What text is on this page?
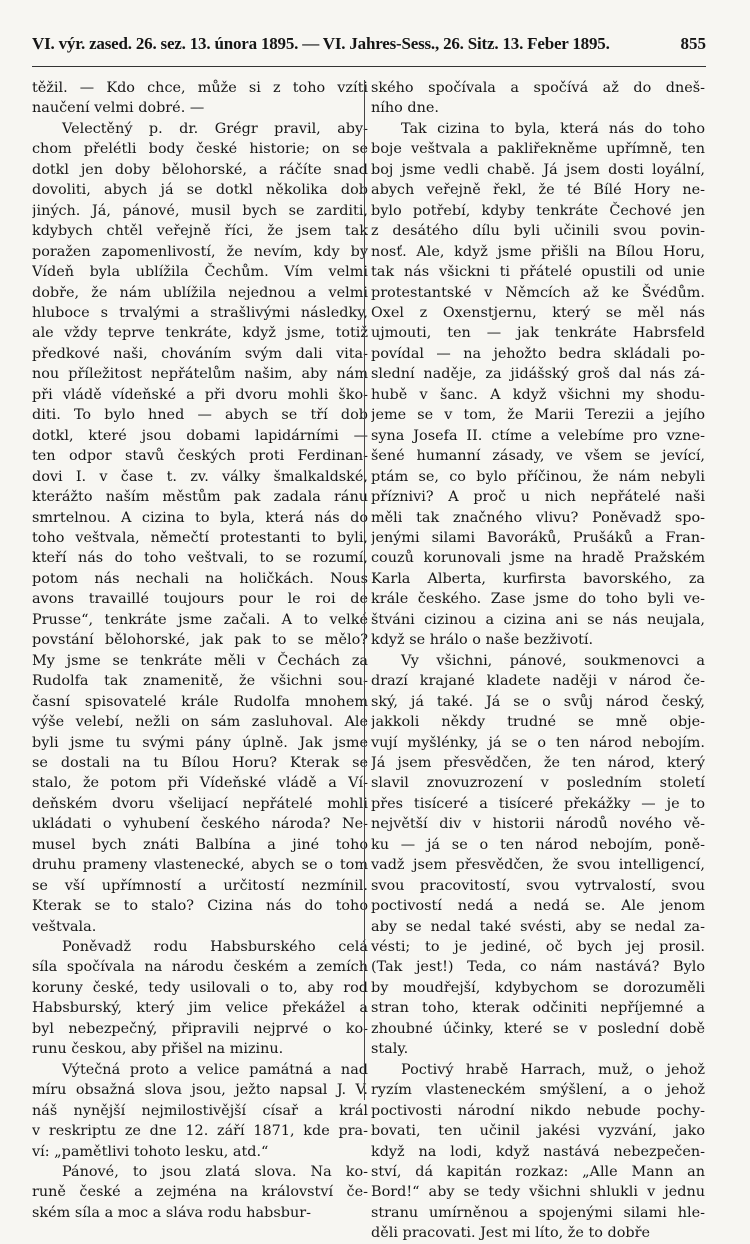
VI. výr. zased. 26. sez. 13. února 1895. — VI. Jahres-Sess., 26. Sitz. 13. Feber 1895.	855

těžil. — Kdo chce, může si z toho vzíti
naučení velmi dobré. —

Velectěný p. dr. Grégr pravil, aby-
chom přelétli body české historie; on se
dotkl jen doby bělohorské, a ráčíte snad
dovoliti, abych já se dotkl několika dob
jiných. Já, pánové, musil bych se zarditi,
kdybych chtěl veřejně říci, že jsem tak
poražen zapomenlivostí, že nevím, kdy by
Vídeň byla ublížila Čechům. Vím velmi
dobře, že nám ublížila nejednou a velmi
hluboce s trvalými a strašlivými následky,
ale vždy teprve tenkráte, když jsme, totiž
předkové naši, chováním svým dali vita-
nou příležitost nepřátelům našim, aby nám
při vládě vídeňské a při dvoru mohli ško-
diti. To bylo hned — abych se tří dob
dotkl, které jsou dobami lapidárními —
ten odpor stavů českých proti Ferdinan-
dovi I. v čase t. zv. války šmalkaldské,
kterážto naším městům pak zadala ránu
smrtelnou. A cizina to byla, která nás do
toho veštvala, němečtí protestanti to byli,
kteří nás do toho veštvali, to se rozumí,
potom nás nechali na holičkách. Nous
avons travaillé toujours pour le roi de
Prusse“, tenkráte jsme začali. A to velké
povstání bělohorské, jak pak to se mělo?
My jsme se tenkráte měli v Čechách za
Rudolfa tak znamenitě, že všichni sou-
časní spisovatelé krále Rudolfa mnohem
výše velebí, nežli on sám zasluhoval. Ale
byli jsme tu svými pány úplně. Jak jsme
se dostali na tu Bílou Horu? Kterak se
stalo, že potom při Vídeňské vládě a Ví-
deňském dvoru všelijací nepřátelé mohli
ukládati o vyhubení českého národa? Ne-
musel bych znáti Balbína a jiné toho
druhu prameny vlastenecké, abych se o tom
se vší upřímností a určitostí nezmínil.
Kterak se to stalo? Cizina nás do toho
veštvala.

Poněvadž rodu Habsburského celá
síla spočívala na národu českém a zemích
koruny české, tedy usilovali o to, aby rod
Habsburský, který jim velice překážel a
byl nebezpečný, připravili nejprvé o ko-
runu českou, aby přišel na mizinu.

Výtečná proto a velice památná a nad
míru obsažná slova jsou, ježto napsal J. V.
náš nynější nejmilostivější císař a král
v reskriptu ze dne 12. září 1871, kde pra-
ví: „pamětlivi tohoto lesku, atd.“

Pánové, to jsou zlatá slova. Na ko-
runě české a zejména na království če-
ském síla a moc a sláva rodu habsbur-

ského spočívala a spočívá až do dneš-
ního dne.

Tak cizina to byla, která nás do toho
boje veštvala a pakliřekněme upřímně, ten
boj jsme vedli chabě. Já jsem dosti loyální,
abych veřejně řekl, že té Bílé Hory ne-
bylo potřebí, kdyby tenkráte Čechové jen
z desátého dílu byli učinili svou povin-
nosť. Ale, když jsme přišli na Bílou Horu,
tak nás všickni ti přátelé opustili od unie
protestantské v Němcích až ke Švédům.
Oxel z Oxenstjernu, který se měl nás
ujmouti, ten — jak tenkráte Habrsfeld
povídal — na jehožto bedra skládali po-
slední naděje, za jidášský groš dal nás zá-
hubě v šanc. A když všichni my shodu-
jeme se v tom, že Marii Terezii a jejího
syna Josefa II. ctíme a velebíme pro vzne-
šené humanní zásady, ve všem se jevící,
ptám se, co bylo příčinou, že nám nebyli
příznivi? A proč u nich nepřátelé naši
měli tak značného vlivu? Poněvadž spo-
jenými silami Bavoráků, Prušáků a Fran-
couzů korunovali jsme na hradě Pražském
Karla Alberta, kurfirsta bavorského, za
krále českého. Zase jsme do toho byli ve-
štváni cizinou a cizina ani se nás neujala,
když se hrálo o naše bezživotí.

Vy všichni, pánové, soukmenovci a
drazí krajané kladete naději v národ če-
ský, já také. Já se o svůj národ český,
jakkoli někdy trudné se mně obje-
vují myšlénky, já se o ten národ nebojím.
Já jsem přesvědčen, že ten národ, který
slavil znovuzrození v posledním století
přes tisíceré a tisíceré překážky — je to
největší div v historii národů nového vě-
ku — já se o ten národ nebojím, poně-
vadž jsem přesvědčen, že svou intelligencí,
svou pracovitostí, svou vytrvalostí, svou
poctivostí nedá a nedá se. Ale jenom
aby se nedal také svésti, aby se nedal za-
vésti; to je jediné, oč bych jej prosil.
(Tak jest!) Teda, co nám nastává? Bylo
by moudřejší, kdybychom se dorozuměli
stran toho, kterak odčiniti nepříjemné a
zhoubné účinky, které se v poslední době
staly.

Poctivý hrabě Harrach, muž, o jehož
ryzím vlasteneckém smýšlení, a o jehož
poctivosti národní nikdo nebude pochy-
bovati, ten učinil jakési vyzvání, jako
když na lodi, když nastává nebezpečen-
ství, dá kapitán rozkaz: „Alle Mann an
Bord!“ aby se tedy všichni shlukli v jednu
stranu umírněnou a spojenými silami hle-
děli pracovati. Jest mi líto, že to dobře
